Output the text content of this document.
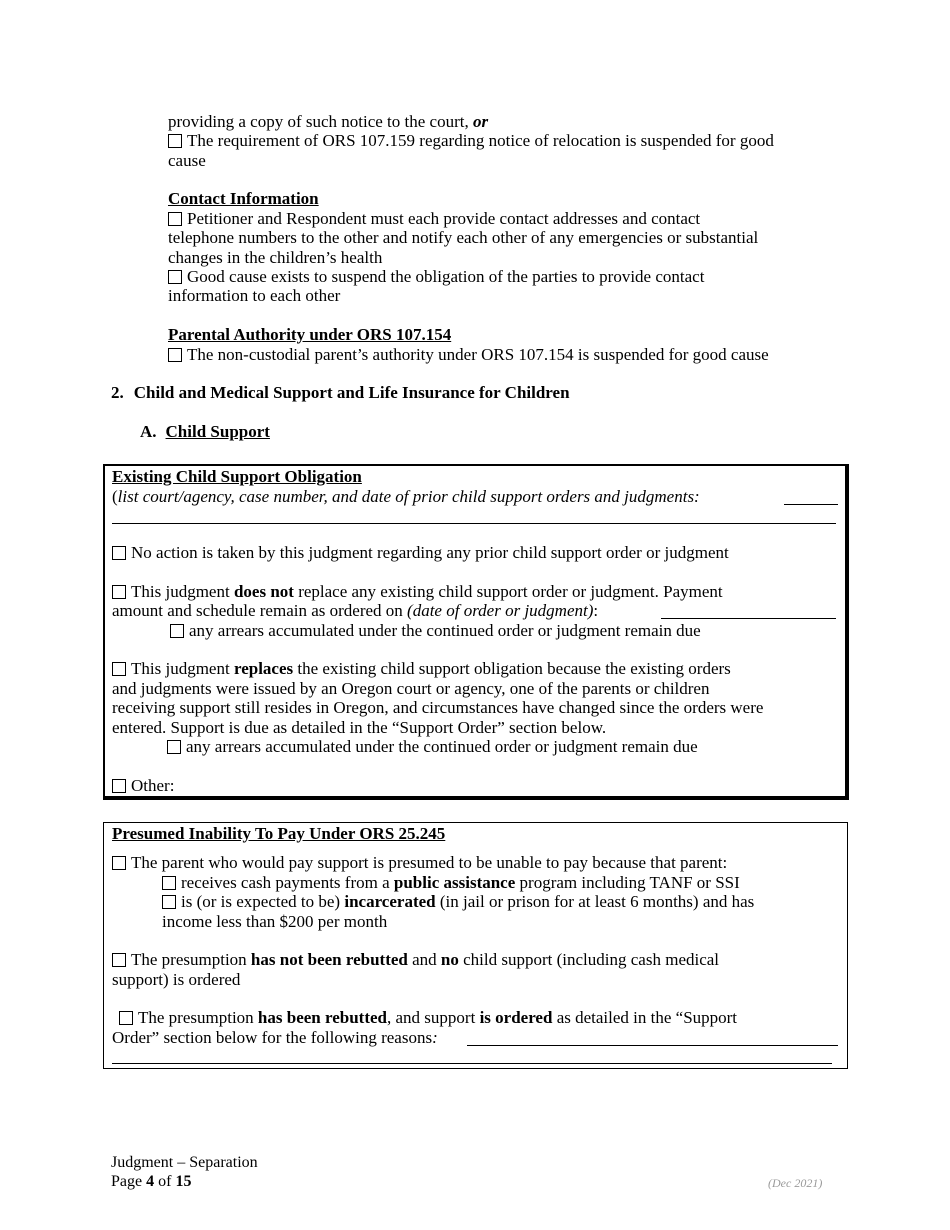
providing a copy of such notice to the court, or
The requirement of ORS 107.159 regarding notice of relocation is suspended for good
cause
Contact Information
Petitioner and Respondent must each provide contact addresses and contact
telephone numbers to the other and notify each other of any emergencies or substantial
changes in the children’s health
Good cause exists to suspend the obligation of the parties to provide contact
information to each other
Parental Authority under ORS 107.154
The non-custodial parent’s authority under ORS 107.154 is suspended for good cause
2. Child and Medical Support and Life Insurance for Children
A. Child Support
Existing Child Support Obligation
(list court/agency, case number, and date of prior child support orders and judgments:
No action is taken by this judgment regarding any prior child support order or judgment
This judgment does not replace any existing child support order or judgment. Payment
amount and schedule remain as ordered on (date of order or judgment):
any arrears accumulated under the continued order or judgment remain due
This judgment replaces the existing child support obligation because the existing orders
and judgments were issued by an Oregon court or agency, one of the parents or children
receiving support still resides in Oregon, and circumstances have changed since the orders were
entered. Support is due as detailed in the “Support Order” section below.
any arrears accumulated under the continued order or judgment remain due
Other:
Presumed Inability To Pay Under ORS 25.245
The parent who would pay support is presumed to be unable to pay because that parent:
receives cash payments from a public assistance program including TANF or SSI
is (or is expected to be) incarcerated (in jail or prison for at least 6 months) and has
income less than $200 per month
The presumption has not been rebutted and no child support (including cash medical
support) is ordered
The presumption has been rebutted, and support is ordered as detailed in the “Support
Order” section below for the following reasons:
Judgment – Separation
Page 4 of 15	(Dec 2021)
